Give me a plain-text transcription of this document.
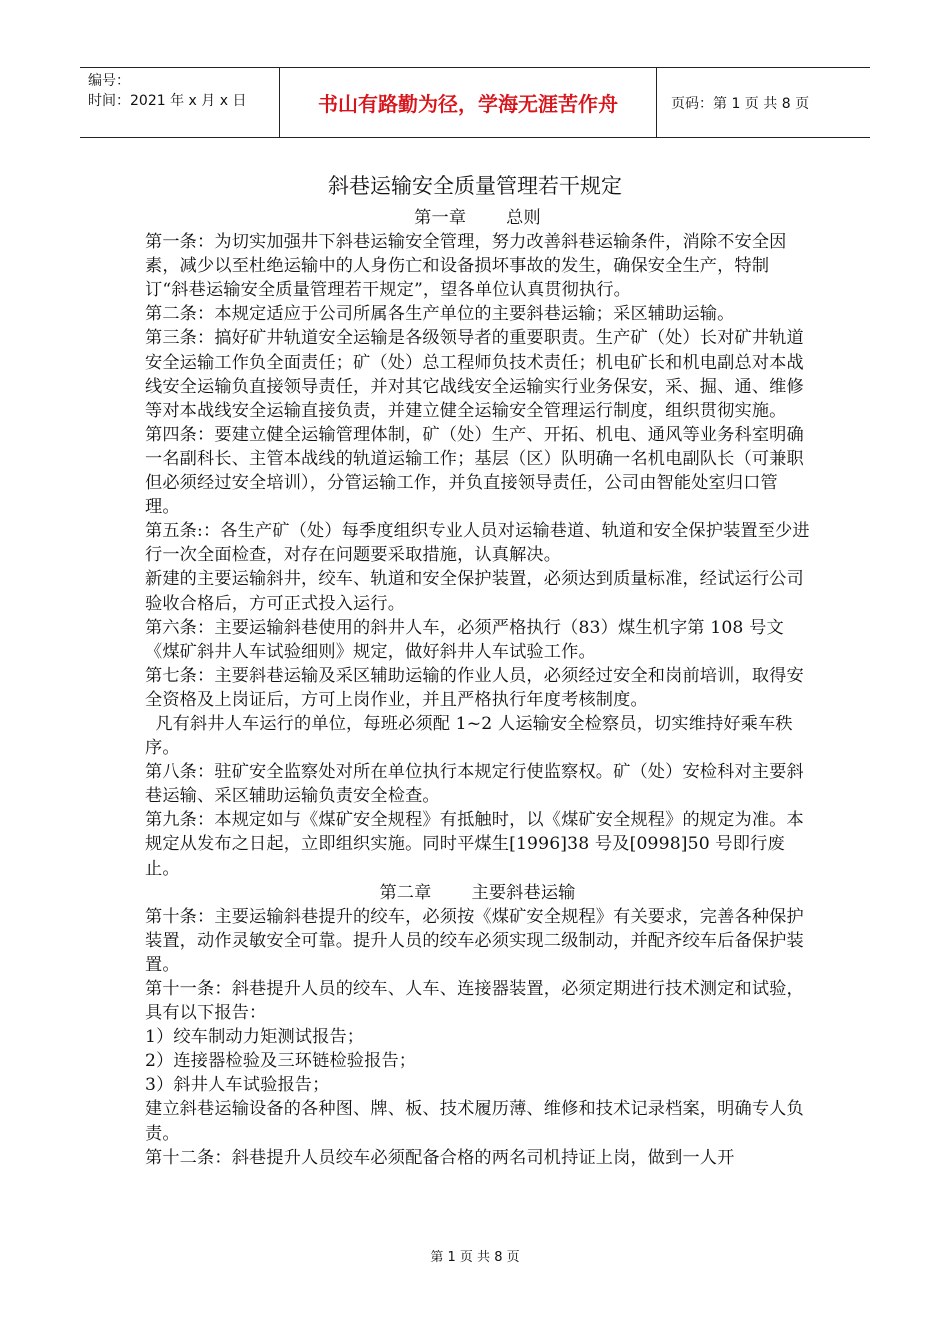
编号：
时间：2021 年 x 月 x 日	书山有路勤为径，学海无涯苦作舟	页码：第 1 页 共 8 页
斜巷运输安全质量管理若干规定

第一章 总则

第一条：为切实加强井下斜巷运输安全管理，努力改善斜巷运输条件，消除不安全因素，减少以至杜绝运输中的人身伤亡和设备损坏事故的发生，确保安全生产，特制订“斜巷运输安全质量管理若干规定”，望各单位认真贯彻执行。

第二条：本规定适应于公司所属各生产单位的主要斜巷运输；采区辅助运输。

第三条：搞好矿井轨道安全运输是各级领导者的重要职责。生产矿（处）长对矿井轨道安全运输工作负全面责任；矿（处）总工程师负技术责任；机电矿长和机电副总对本战线安全运输负直接领导责任，并对其它战线安全运输实行业务保安，采、掘、通、维修等对本战线安全运输直接负责，并建立健全运输安全管理运行制度，组织贯彻实施。

第四条：要建立健全运输管理体制，矿（处）生产、开拓、机电、通风等业务科室明确一名副科长、主管本战线的轨道运输工作；基层（区）队明确一名机电副队长（可兼职但必须经过安全培训），分管运输工作，并负直接领导责任，公司由智能处室归口管理。

第五条:：各生产矿（处）每季度组织专业人员对运输巷道、轨道和安全保护装置至少进行一次全面检查，对存在问题要采取措施，认真解决。

新建的主要运输斜井，绞车、轨道和安全保护装置，必须达到质量标准，经试运行公司验收合格后，方可正式投入运行。

第六条：主要运输斜巷使用的斜井人车，必须严格执行（83）煤生机字第 108 号文《煤矿斜井人车试验细则》规定，做好斜井人车试验工作。

第七条：主要斜巷运输及采区辅助运输的作业人员，必须经过安全和岗前培训，取得安全资格及上岗证后，方可上岗作业，并且严格执行年度考核制度。

凡有斜井人车运行的单位，每班必须配 1~2 人运输安全检察员，切实维持好乘车秩序。

第八条：驻矿安全监察处对所在单位执行本规定行使监察权。矿（处）安检科对主要斜巷运输、采区辅助运输负责安全检查。

第九条：本规定如与《煤矿安全规程》有抵触时，以《煤矿安全规程》的规定为准。本规定从发布之日起，立即组织实施。同时平煤生[1996]38 号及[0998]50 号即行废止。

第二章 主要斜巷运输

第十条：主要运输斜巷提升的绞车，必须按《煤矿安全规程》有关要求，完善各种保护装置，动作灵敏安全可靠。提升人员的绞车必须实现二级制动，并配齐绞车后备保护装置。

第十一条：斜巷提升人员的绞车、人车、连接器装置，必须定期进行技术测定和试验，具有以下报告：

1）绞车制动力矩测试报告；

2）连接器检验及三环链检验报告；

3）斜井人车试验报告；

建立斜巷运输设备的各种图、牌、板、技术履历薄、维修和技术记录档案，明确专人负责。

第十二条：斜巷提升人员绞车必须配备合格的两名司机持证上岗，做到一人开

第 1 页 共 8 页
